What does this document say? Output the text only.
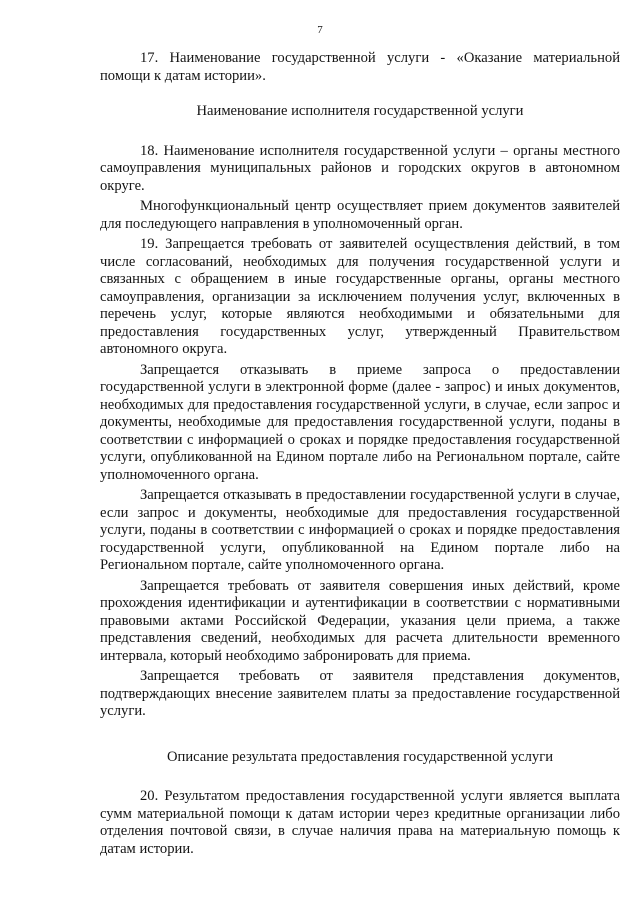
7

17. Наименование государственной услуги - «Оказание материальной помощи к датам истории».

Наименование исполнителя государственной услуги

18. Наименование исполнителя государственной услуги – органы местного самоуправления муниципальных районов и городских округов в автономном округе.

Многофункциональный центр осуществляет прием документов заявителей для последующего направления в уполномоченный орган.

19. Запрещается требовать от заявителей осуществления действий, в том числе согласований, необходимых для получения государственной услуги и связанных с обращением в иные государственные органы, органы местного самоуправления, организации за исключением получения услуг, включенных в перечень услуг, которые являются необходимыми и обязательными для предоставления государственных услуг, утвержденный Правительством автономного округа.

Запрещается отказывать в приеме запроса о предоставлении государственной услуги в электронной форме (далее - запрос) и иных документов, необходимых для предоставления государственной услуги, в случае, если запрос и документы, необходимые для предоставления государственной услуги, поданы в соответствии с информацией о сроках и порядке предоставления государственной услуги, опубликованной на Едином портале либо на Региональном портале, сайте уполномоченного органа.

Запрещается отказывать в предоставлении государственной услуги в случае, если запрос и документы, необходимые для предоставления государственной услуги, поданы в соответствии с информацией о сроках и порядке предоставления государственной услуги, опубликованной на Едином портале либо на Региональном портале, сайте уполномоченного органа.

Запрещается требовать от заявителя совершения иных действий, кроме прохождения идентификации и аутентификации в соответствии с нормативными правовыми актами Российской Федерации, указания цели приема, а также представления сведений, необходимых для расчета длительности временного интервала, который необходимо забронировать для приема.

Запрещается требовать от заявителя представления документов, подтверждающих внесение заявителем платы за предоставление государственной услуги.

Описание результата предоставления государственной услуги

20. Результатом предоставления государственной услуги является выплата сумм материальной помощи к датам истории через кредитные организации либо отделения почтовой связи, в случае наличия права на материальную помощь к датам истории.
